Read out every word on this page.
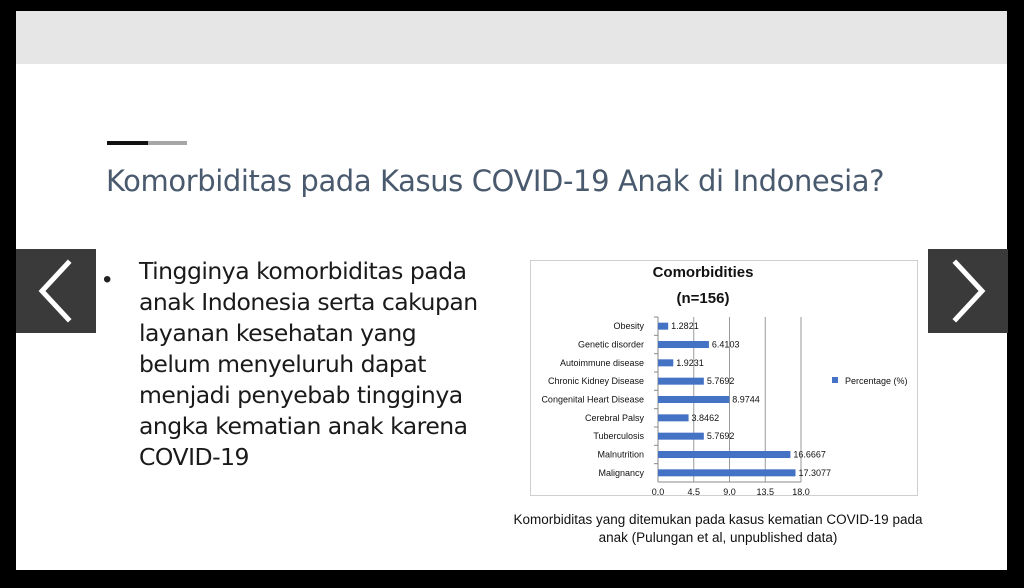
Komorbiditas pada Kasus COVID-19 Anak di Indonesia?
• Tingginya komorbiditas pada anak Indonesia serta cakupan layanan kesehatan yang belum menyeluruh dapat menjadi penyebab tingginya angka kematian anak karena COVID-19

Comorbidities
(n=156)
0.0	4.5	9.0 13.5 18.0
Obesity	1.2821
Genetic disorder	6.4103
Autoimmune disease	1.9231
Chronic Kidney Disease	5.7692
Congenital Heart Disease	8.9744
Cerebral Palsy	3.8462
Tuberculosis	5.7692
Malnutrition	16.6667
Malignancy	17.3077
Percentage (%)

Komorbiditas yang ditemukan pada kasus kematian COVID-19 pada anak (Pulungan et al, unpublished data)
